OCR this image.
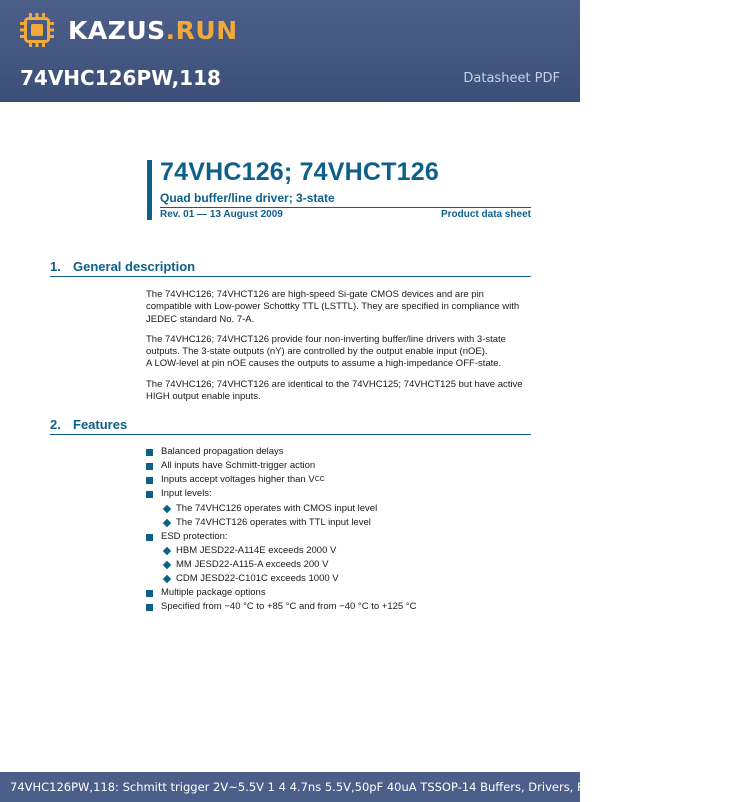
KAZUS.RUN
74VHC126PW,118	Datasheet PDF
74VHC126; 74VHCT126
Quad buffer/line driver; 3-state
Rev. 01 — 13 August 2009	Product data sheet
1. General description
The 74VHC126; 74VHCT126 are high-speed Si-gate CMOS devices and are pin compatible with Low-power Schottky TTL (LSTTL). They are specified in compliance with JEDEC standard No. 7-A.
The 74VHC126; 74VHCT126 provide four non-inverting buffer/line drivers with 3-state outputs. The 3-state outputs (nY) are controlled by the output enable input (nOE).
A LOW-level at pin nOE causes the outputs to assume a high-impedance OFF-state.
The 74VHC126; 74VHCT126 are identical to the 74VHC125; 74VHCT125 but have active HIGH output enable inputs.
2. Features
Balanced propagation delays
All inputs have Schmitt-trigger action
Inputs accept voltages higher than V CC
Input levels:
The 74VHC126 operates with CMOS input level
The 74VHCT126 operates with TTL input level
ESD protection:
HBM JESD22-A114E exceeds 2000 V
MM JESD22-A115-A exceeds 200 V
CDM JESD22-C101C exceeds 1000 V
Multiple package options
Specified from −40 °C to +85 °C and from −40 °C to +125 °C
74VHC126PW,118: Schmitt trigger 2V~5.5V 1 4 4.7ns 5.5V,50pF 40uA TSSOP-14 Buffers, Drivers, Receivers, Transceivers ROHS
